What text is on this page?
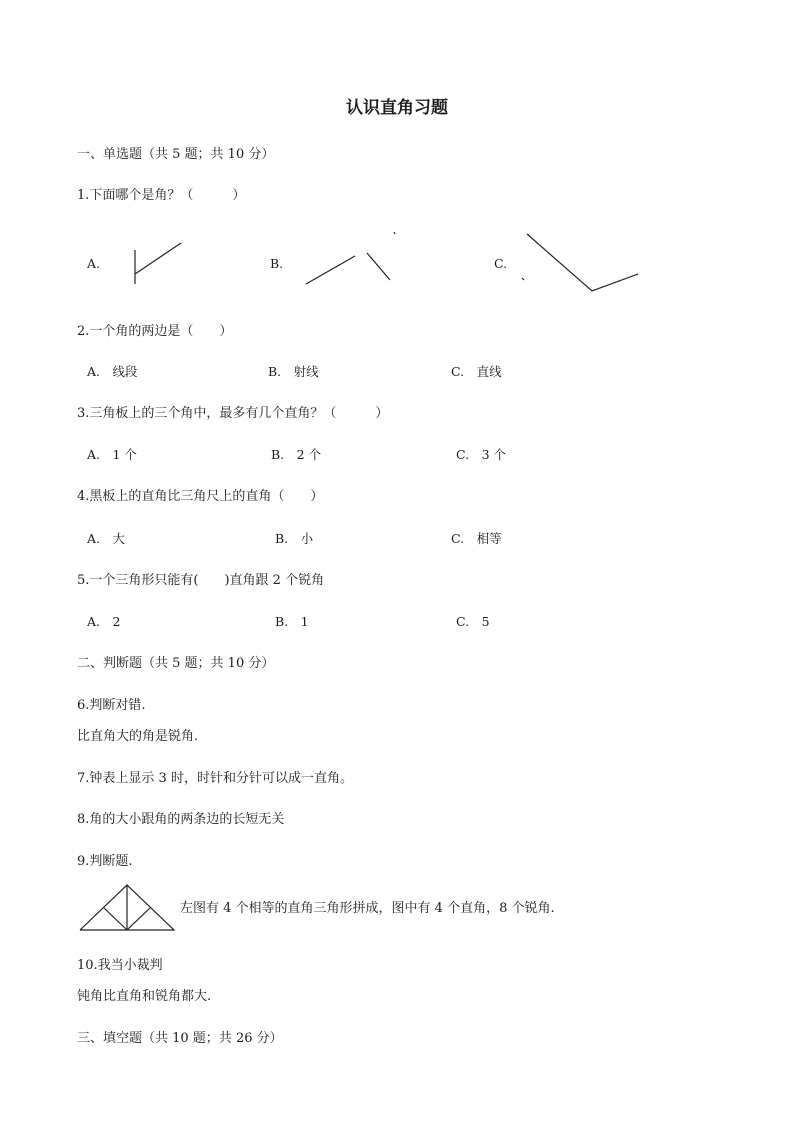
认识直角习题
一、单选题（共 5 题；共 10 分）
1.下面哪个是角？（　　　）
A.	B.	C.
2.一个角的两边是（　　）
A.　线段	B.　射线	C.　直线
3.三角板上的三个角中，最多有几个直角？（　　　）
A.　1 个	B.　2 个	C.　3 个
4.黑板上的直角比三角尺上的直角（　　）
A.　大	B.　小	C.　相等
5.一个三角形只能有(　　)直角跟 2 个锐角
A.　2	B.　1	C.　5
二、判断题（共 5 题；共 10 分）
6.判断对错.
比直角大的角是锐角.
7.钟表上显示 3 时，时针和分针可以成一直角。
8.角的大小跟角的两条边的长短无关
9.判断题.
左图有 4 个相等的直角三角形拼成，图中有 4 个直角，8 个锐角.
10.我当小裁判
钝角比直角和锐角都大.
三、填空题（共 10 题；共 26 分）
